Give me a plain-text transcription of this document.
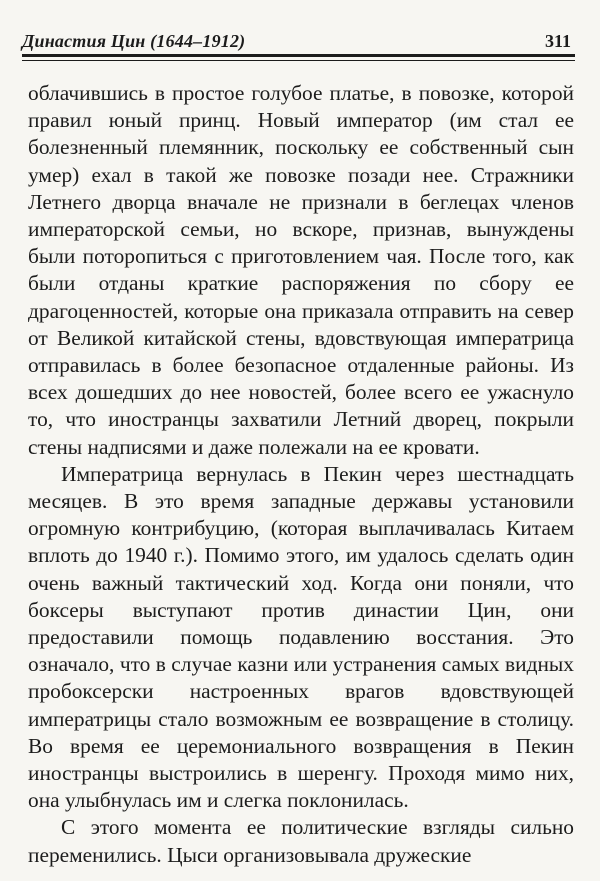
Династия Цин (1644–1912)	311

облачившись в простое голубое платье, в повозке, которой правил юный принц. Новый император (им стал ее болезненный племянник, поскольку ее собственный сын умер) ехал в такой же повозке позади нее. Стражники Летнего дворца вначале не признали в беглецах членов императорской семьи, но вскоре, признав, вынуждены были поторопиться с приготовлением чая. После того, как были отданы краткие распоряжения по сбору ее драгоценностей, которые она приказала отправить на север от Великой китайской стены, вдовствующая императрица отправилась в более безопасное отдаленные районы. Из всех дошедших до нее новостей, более всего ее ужаснуло то, что иностранцы захватили Летний дворец, покрыли стены надписями и даже полежали на ее кровати.

Императрица вернулась в Пекин через шестнадцать месяцев. В это время западные державы установили огромную контрибуцию, (которая выплачивалась Китаем вплоть до 1940 г.). Помимо этого, им удалось сделать один очень важный тактический ход. Когда они поняли, что боксеры выступают против династии Цин, они предоставили помощь подавлению восстания. Это означало, что в случае казни или устранения самых видных пробоксерски настроенных врагов вдовствующей императрицы стало возможным ее возвращение в столицу. Во время ее церемониального возвращения в Пекин иностранцы выстроились в шеренгу. Проходя мимо них, она улыбнулась им и слегка поклонилась.

С этого момента ее политические взгляды сильно переменились. Цыси организовывала дружеские
